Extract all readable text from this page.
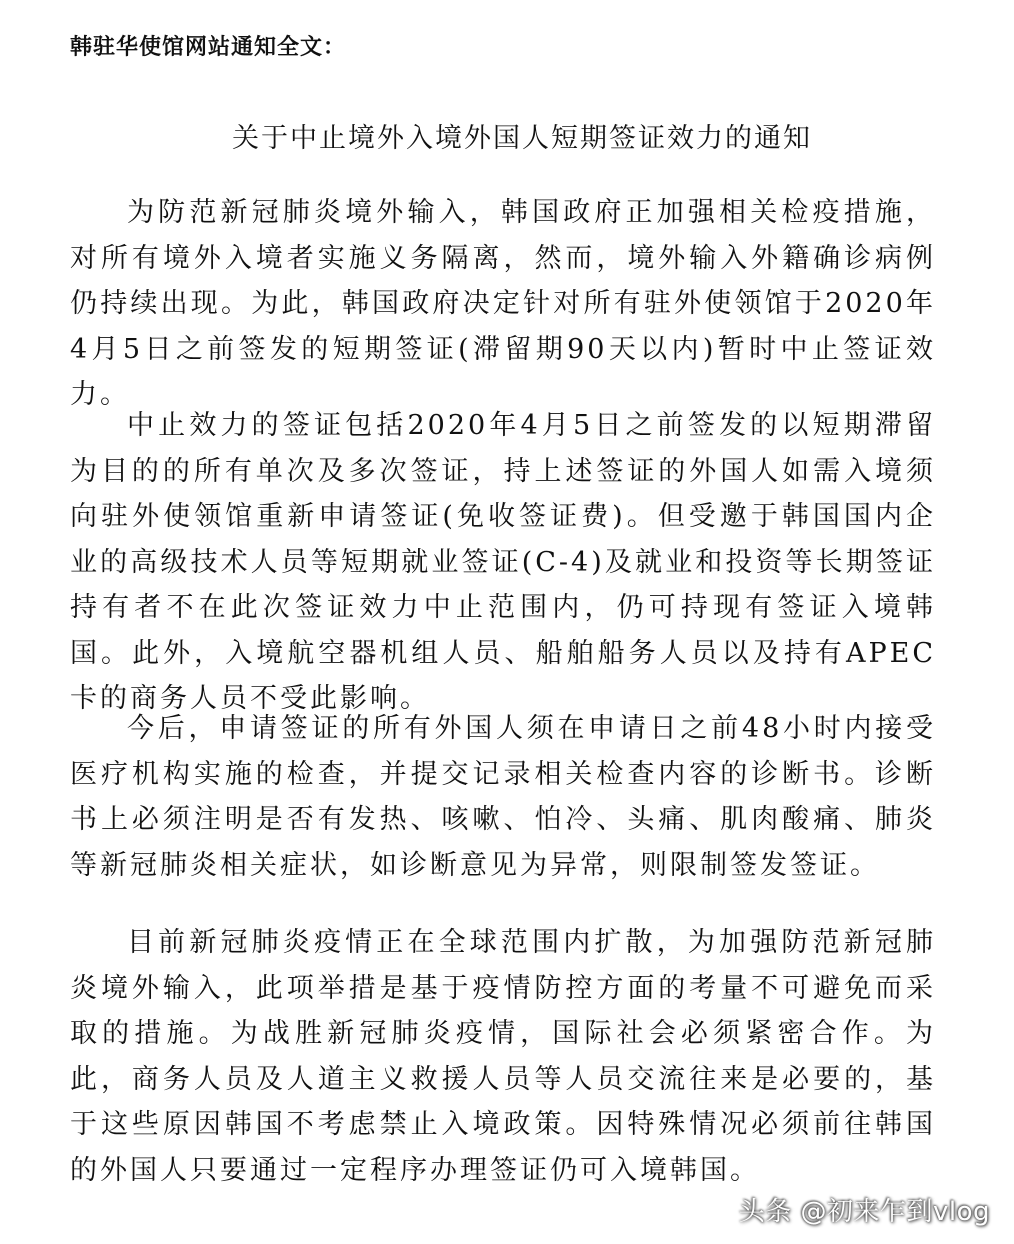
韩驻华使馆网站通知全文：

关于中止境外入境外国人短期签证效力的通知

为防范新冠肺炎境外输入，韩国政府正加强相关检疫措施，对所有境外入境者实施义务隔离，然而，境外输入外籍确诊病例仍持续出现。为此，韩国政府决定针对所有驻外使领馆于2020年4月5日之前签发的短期签证(滞留期90天以内)暂时中止签证效力。

中止效力的签证包括2020年4月5日之前签发的以短期滞留为目的的所有单次及多次签证，持上述签证的外国人如需入境须向驻外使领馆重新申请签证(免收签证费)。但受邀于韩国国内企业的高级技术人员等短期就业签证(C-4)及就业和投资等长期签证持有者不在此次签证效力中止范围内，仍可持现有签证入境韩国。此外，入境航空器机组人员、船舶船务人员以及持有APEC卡的商务人员不受此影响。

今后，申请签证的所有外国人须在申请日之前48小时内接受医疗机构实施的检查，并提交记录相关检查内容的诊断书。诊断书上必须注明是否有发热、咳嗽、怕冷、头痛、肌肉酸痛、肺炎等新冠肺炎相关症状，如诊断意见为异常，则限制签发签证。

目前新冠肺炎疫情正在全球范围内扩散，为加强防范新冠肺炎境外输入，此项举措是基于疫情防控方面的考量不可避免而采取的措施。为战胜新冠肺炎疫情，国际社会必须紧密合作。为此，商务人员及人道主义救援人员等人员交流往来是必要的，基于这些原因韩国不考虑禁止入境政策。因特殊情况必须前往韩国的外国人只要通过一定程序办理签证仍可入境韩国。

头条 @初来乍到vlog
